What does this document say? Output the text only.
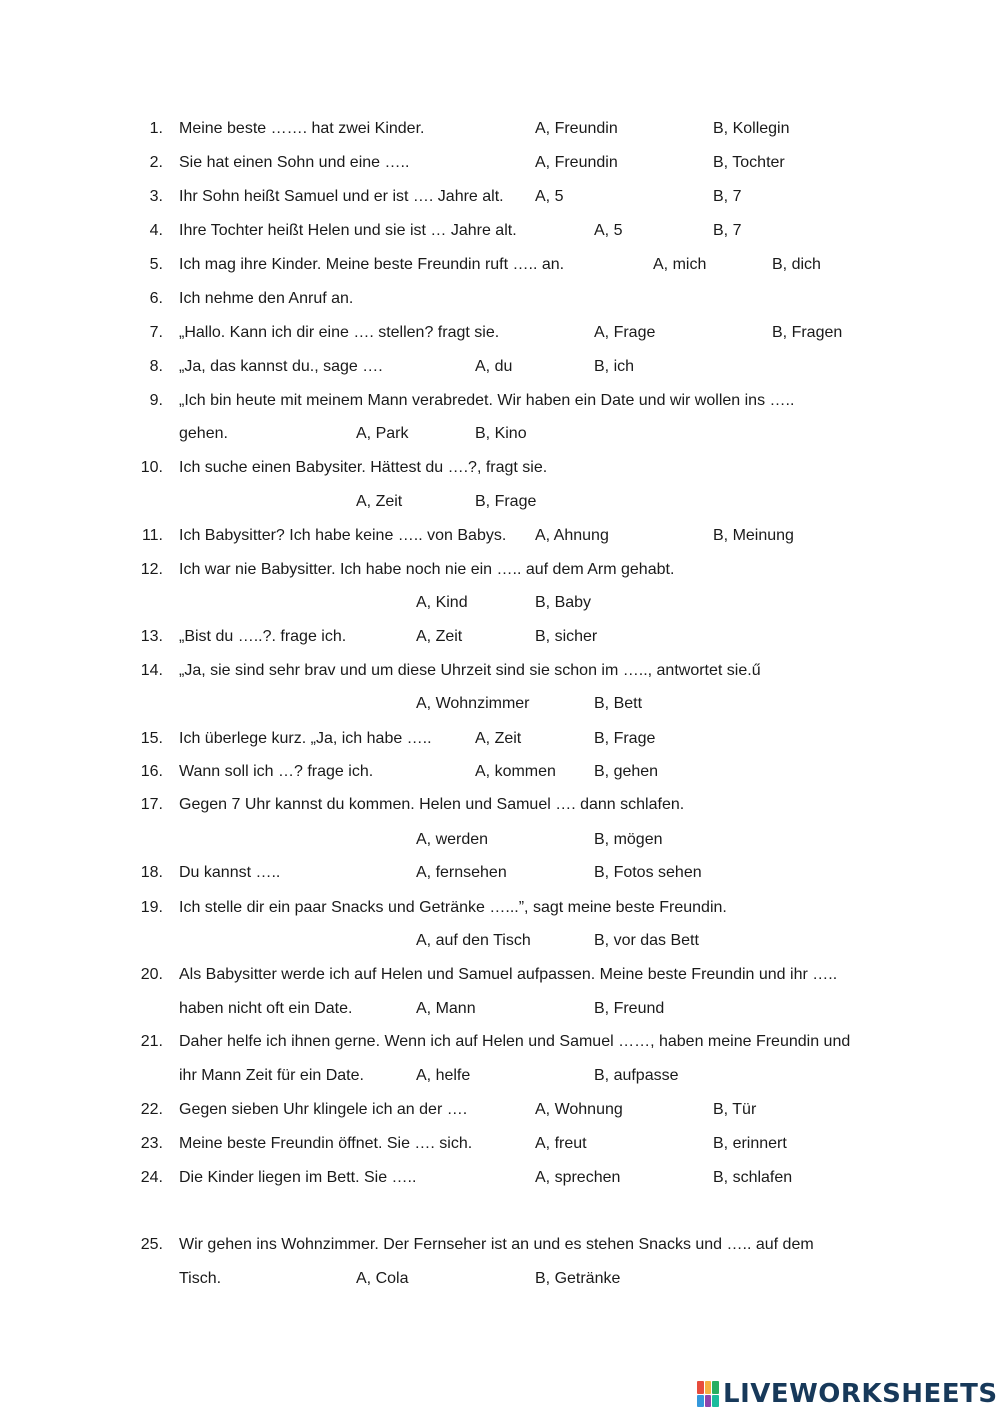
1. Meine beste ……. hat zwei Kinder.	A, Freundin	B, Kollegin
2. Sie hat einen Sohn und eine …..	A, Freundin	B, Tochter
3. Ihr Sohn heißt Samuel und er ist …. Jahre alt. A, 5	B, 7
4. Ihre Tochter heißt Helen und sie ist … Jahre alt.	A, 5	B, 7
5. Ich mag ihre Kinder. Meine beste Freundin ruft ….. an.	A, mich	B, dich
6. Ich nehme den Anruf an.
7. „Hallo. Kann ich dir eine …. stellen? fragt sie.	A, Frage	B, Fragen
8. „Ja, das kannst du., sage ….	A, du	B, ich
9. „Ich bin heute mit meinem Mann verabredet. Wir haben ein Date und wir wollen ins …..
gehen.	A, Park	B, Kino
10. Ich suche einen Babysiter. Hättest du ….?, fragt sie.
A, Zeit	B, Frage
11. Ich Babysitter? Ich habe keine ….. von Babys. A, Ahnung	B, Meinung
12. Ich war nie Babysitter. Ich habe noch nie ein ….. auf dem Arm gehabt.
A, Kind	B, Baby
13. „Bist du …..?. frage ich.	A, Zeit	B, sicher
14. „Ja, sie sind sehr brav und um diese Uhrzeit sind sie schon im ….., antwortet sie.ű
A, Wohnzimmer	B, Bett
15. Ich überlege kurz. „Ja, ich habe …..	A, Zeit	B, Frage
16. Wann soll ich …? frage ich.	A, kommen B, gehen
17. Gegen 7 Uhr kannst du kommen. Helen und Samuel …. dann schlafen.
A, werden	B, mögen
18. Du kannst …..	A, fernsehen	B, Fotos sehen
19. Ich stelle dir ein paar Snacks und Getränke …...”, sagt meine beste Freundin.
A, auf den Tisch	B, vor das Bett
20. Als Babysitter werde ich auf Helen und Samuel aufpassen. Meine beste Freundin und ihr …..
haben nicht oft ein Date.	A, Mann	B, Freund
21. Daher helfe ich ihnen gerne. Wenn ich auf Helen und Samuel ……, haben meine Freundin und
ihr Mann Zeit für ein Date.	A, helfe	B, aufpasse
22. Gegen sieben Uhr klingele ich an der ….	A, Wohnung	B, Tür
23. Meine beste Freundin öffnet. Sie …. sich.	A, freut	B, erinnert
24. Die Kinder liegen im Bett. Sie …..	A, sprechen	B, schlafen
25. Wir gehen ins Wohnzimmer. Der Fernseher ist an und es stehen Snacks und ….. auf dem
Tisch.	A, Cola	B, Getränke
LIVEWORKSHEETS
